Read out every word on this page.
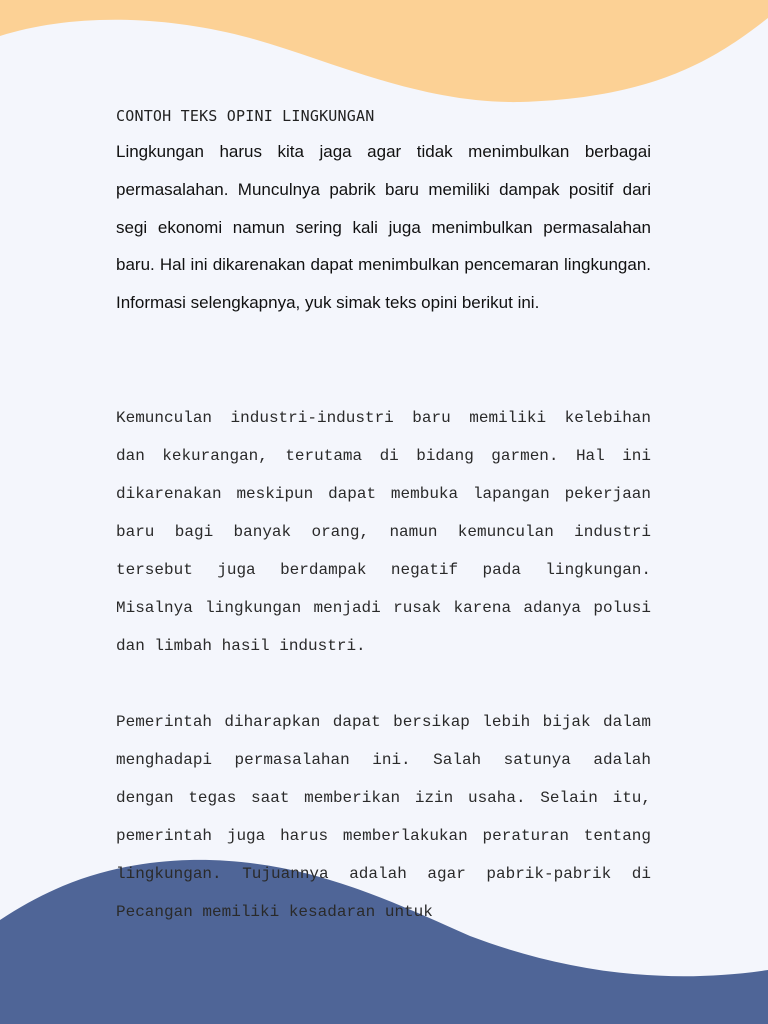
CONTOH TEKS OPINI LINGKUNGAN

Lingkungan harus kita jaga agar tidak menimbulkan berbagai permasalahan. Munculnya pabrik baru memiliki dampak positif dari segi ekonomi namun sering kali juga menimbulkan permasalahan baru. Hal ini dikarenakan dapat menimbulkan pencemaran lingkungan. Informasi selengkapnya, yuk simak teks opini berikut ini.

Kemunculan industri-industri baru memiliki kelebihan dan kekurangan, terutama di bidang garmen. Hal ini dikarenakan meskipun dapat membuka lapangan pekerjaan baru bagi banyak orang, namun kemunculan industri tersebut juga berdampak negatif pada lingkungan. Misalnya lingkungan menjadi rusak karena adanya polusi dan limbah hasil industri.

Pemerintah diharapkan dapat bersikap lebih bijak dalam menghadapi permasalahan ini. Salah satunya adalah dengan tegas saat memberikan izin usaha. Selain itu, pemerintah juga harus memberlakukan peraturan tentang lingkungan. Tujuannya adalah agar pabrik-pabrik di Pecangan memiliki kesadaran untuk
